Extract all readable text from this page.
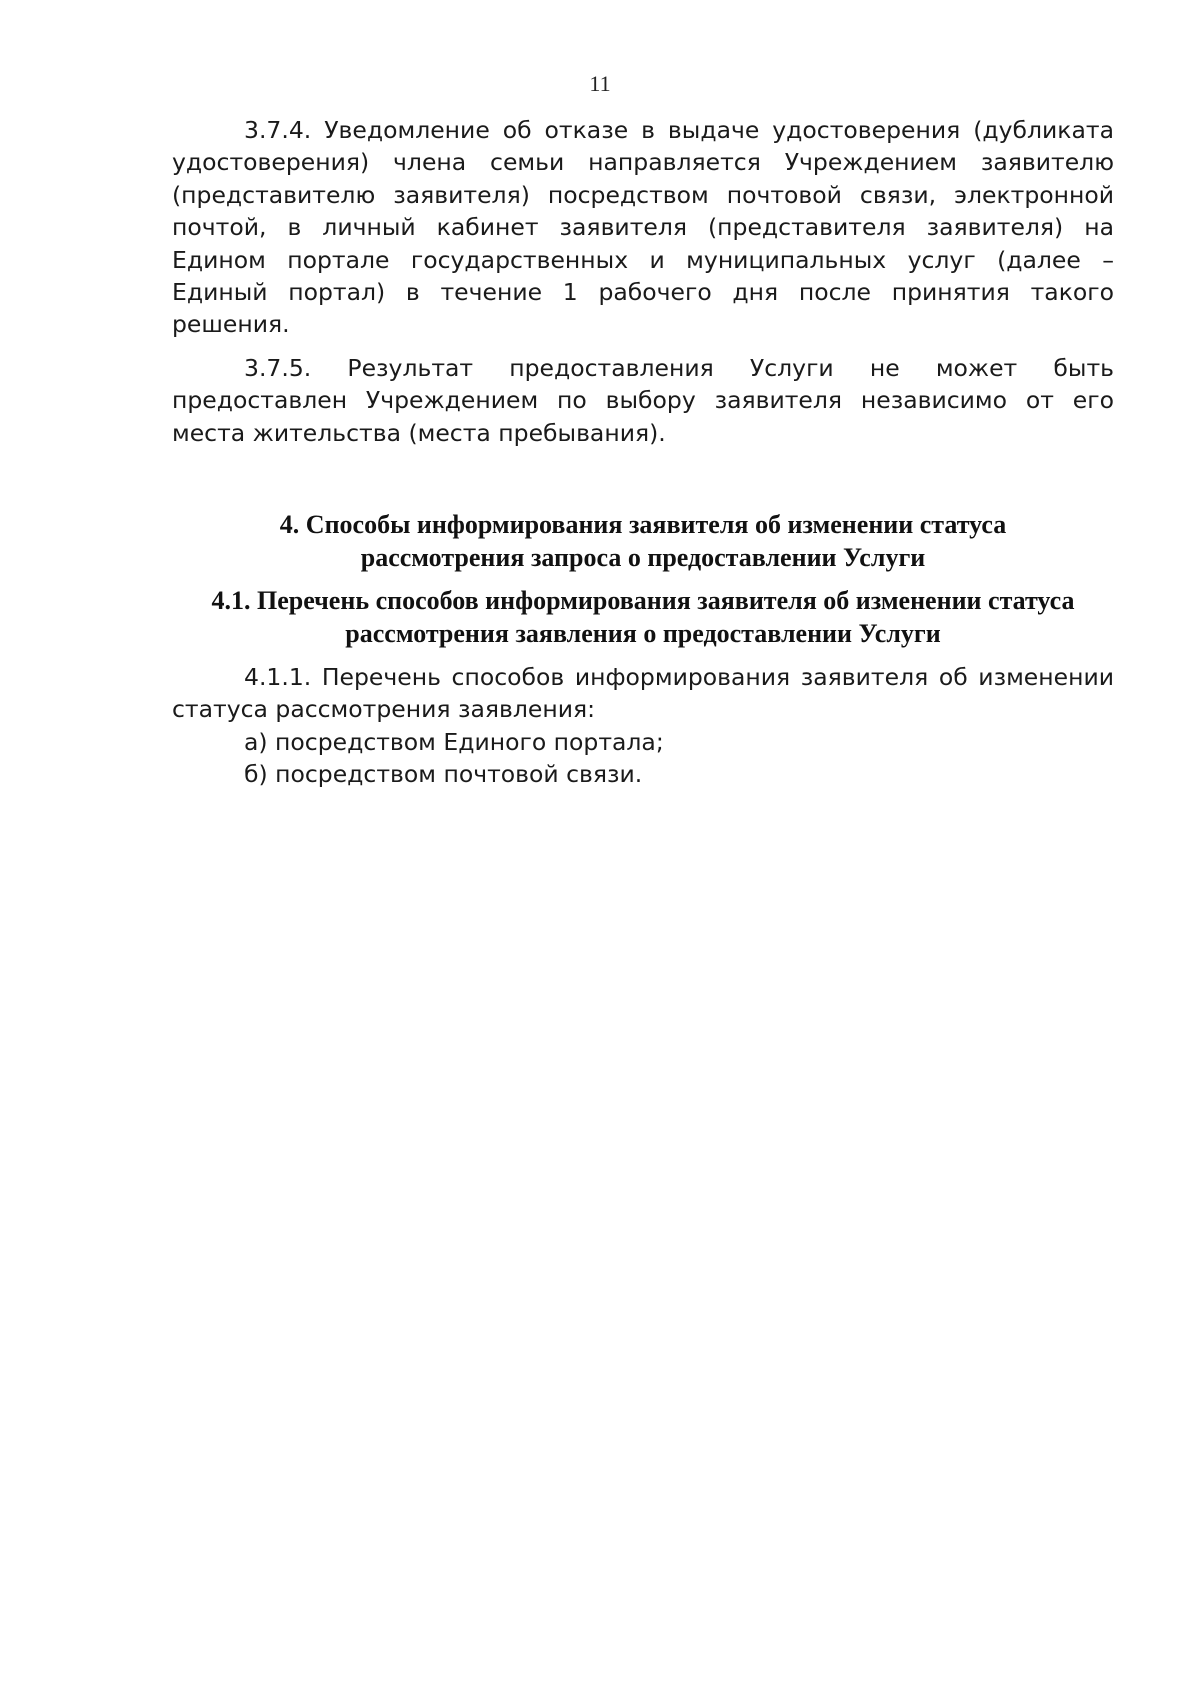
11

3.7.4. Уведомление об отказе в выдаче удостоверения (дубликата удостоверения) члена семьи направляется Учреждением заявителю (представителю заявителя) посредством почтовой связи, электронной почтой, в личный кабинет заявителя (представителя заявителя) на Едином портале государственных и муниципальных услуг (далее – Единый портал) в течение 1 рабочего дня после принятия такого решения.

3.7.5. Результат предоставления Услуги не может быть предоставлен Учреждением по выбору заявителя независимо от его места жительства (места пребывания).

4. Способы информирования заявителя об изменении статуса
рассмотрения запроса о предоставлении Услуги
4.1. Перечень способов информирования заявителя об изменении статуса
рассмотрения заявления о предоставлении Услуги

4.1.1. Перечень способов информирования заявителя об изменении статуса рассмотрения заявления:

а) посредством Единого портала;

б) посредством почтовой связи.
